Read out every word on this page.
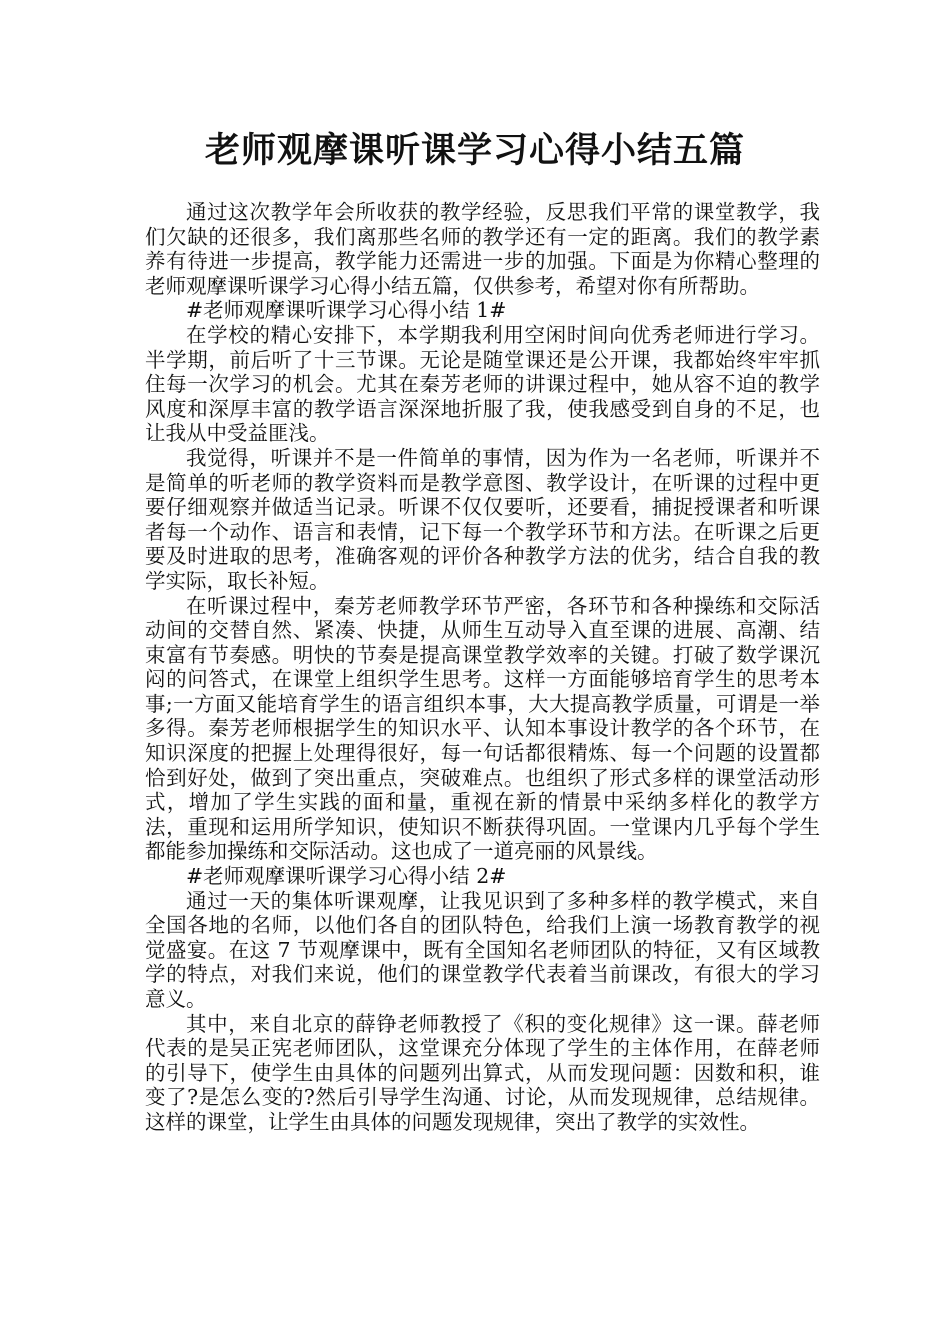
老师观摩课听课学习心得小结五篇

通过这次教学年会所收获的教学经验，反思我们平常的课堂教学，我们欠缺的还很多，我们离那些名师的教学还有一定的距离。我们的教学素养有待进一步提高，教学能力还需进一步的加强。下面是为你精心整理的老师观摩课听课学习心得小结五篇，仅供参考，希望对你有所帮助。

#老师观摩课听课学习心得小结 1#

在学校的精心安排下，本学期我利用空闲时间向优秀老师进行学习。半学期，前后听了十三节课。无论是随堂课还是公开课，我都始终牢牢抓住每一次学习的机会。尤其在秦芳老师的讲课过程中，她从容不迫的教学风度和深厚丰富的教学语言深深地折服了我，使我感受到自身的不足，也让我从中受益匪浅。

我觉得，听课并不是一件简单的事情，因为作为一名老师，听课并不是简单的听老师的教学资料而是教学意图、教学设计，在听课的过程中更要仔细观察并做适当记录。听课不仅仅要听，还要看，捕捉授课者和听课者每一个动作、语言和表情，记下每一个教学环节和方法。在听课之后更要及时进取的思考，准确客观的评价各种教学方法的优劣，结合自我的教学实际，取长补短。

在听课过程中，秦芳老师教学环节严密，各环节和各种操练和交际活动间的交替自然、紧凑、快捷，从师生互动导入直至课的进展、高潮、结束富有节奏感。明快的节奏是提高课堂教学效率的关键。打破了数学课沉闷的问答式，在课堂上组织学生思考。这样一方面能够培育学生的思考本事;一方面又能培育学生的语言组织本事，大大提高教学质量，可谓是一举多得。秦芳老师根据学生的知识水平、认知本事设计教学的各个环节，在知识深度的把握上处理得很好，每一句话都很精炼、每一个问题的设置都恰到好处，做到了突出重点，突破难点。也组织了形式多样的课堂活动形式，增加了学生实践的面和量，重视在新的情景中采纳多样化的教学方法，重现和运用所学知识，使知识不断获得巩固。一堂课内几乎每个学生都能参加操练和交际活动。这也成了一道亮丽的风景线。

#老师观摩课听课学习心得小结 2#

通过一天的集体听课观摩，让我见识到了多种多样的教学模式，来自全国各地的名师，以他们各自的团队特色，给我们上演一场教育教学的视觉盛宴。在这 7 节观摩课中，既有全国知名老师团队的特征，又有区域教学的特点，对我们来说，他们的课堂教学代表着当前课改，有很大的学习意义。

其中，来自北京的薛铮老师教授了《积的变化规律》这一课。薛老师代表的是吴正宪老师团队，这堂课充分体现了学生的主体作用，在薛老师的引导下，使学生由具体的问题列出算式，从而发现问题：因数和积，谁变了?是怎么变的?然后引导学生沟通、讨论，从而发现规律，总结规律。这样的课堂，让学生由具体的问题发现规律，突出了教学的实效性。
